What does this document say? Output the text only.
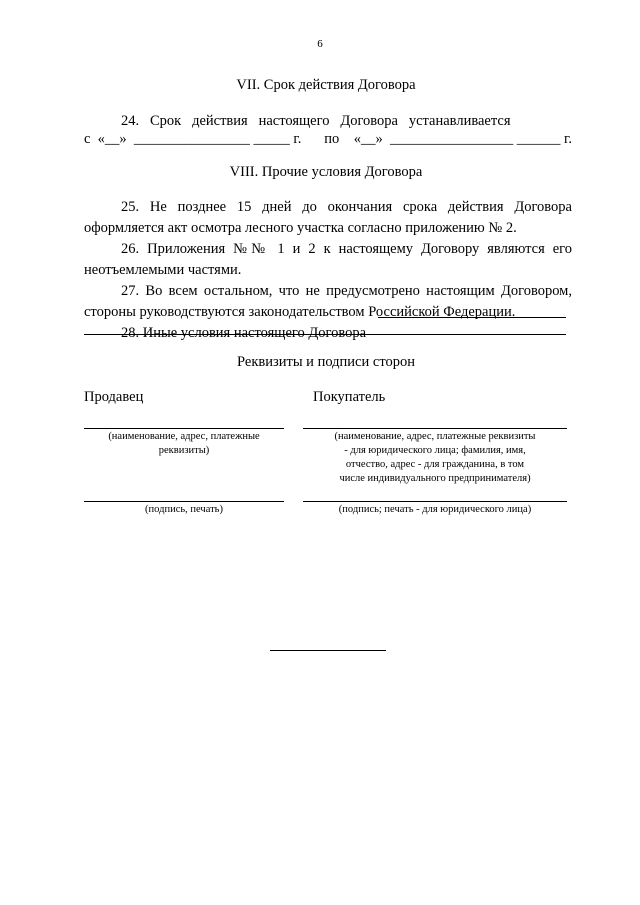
6
VII. Срок действия Договора
24.   Срок   действия   настоящего   Договора   устанавливается
с  «__»  ________________ _____ г. по    «__»  _________________ ______ г.
VIII. Прочие условия Договора
25. Не позднее 15 дней до окончания срока действия Договора
оформляется акт осмотра лесного участка согласно приложению № 2.
26. Приложения №№ 1 и 2 к настоящему Договору являются его
неотъемлемыми частями.
27. Во всем остальном, что не предусмотрено настоящим Договором,
стороны руководствуются законодательством Российской Федерации.
28. Иные условия настоящего Договора
Реквизиты и подписи сторон
Продавец	Покупатель
(наименование, адрес, платежные
реквизиты)
(наименование, адрес, платежные реквизиты
- для юридического лица; фамилия, имя,
отчество, адрес - для гражданина, в том
числе индивидуального предпринимателя)
(подпись, печать)	(подпись; печать - для юридического лица)
